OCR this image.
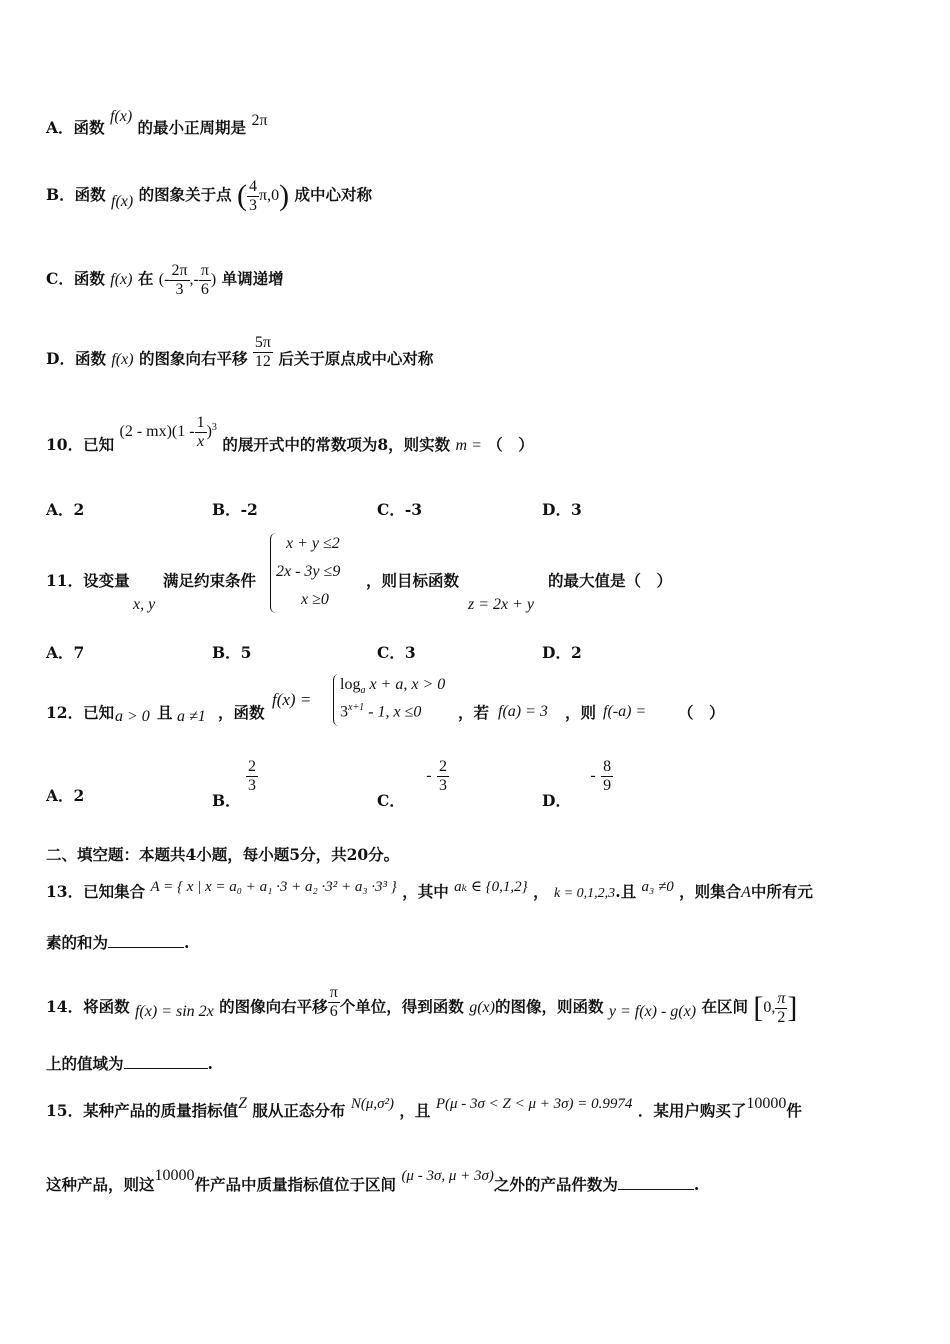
A．函数 f(x) 的最小正周期是 2π
B．函数 f(x) 的图象关于点 ( $\frac{4}{3} \pi,0$) 成中心对称
C．函数 f(x) 在 (- $\frac{2\pi}{3}$ ,- $\frac{\pi}{6}$ ) 单调递增
D．函数 f(x) 的图象向右平移 $\frac{5\pi}{12}$ 后关于原点成中心对称
10．已知 $(2 - mx)(1 - \frac{1}{x} )^3$ 的展开式中的常数项为8，则实数 m = （　）
A．2	B．-2	C．-3	D．3
11．设变量
x, y
满足约束条件
x + y ≤2
2x - 3y ≤9
x ≥0
，则目标函数
z = 2x + y
的最大值是（　）
A．7	B．5	C．3	D．2
12．已知 a > 0 且 a ≠1 ，函数
f(x) =
$\log_a x + a$, x > 0
$3^{x+1} - 1$, x ≤0 ，若 f(a) = 3 ，则 f(-a) = （　）
A．2	B．
$\frac{2}{3}$
C． - $\frac{2}{3}$
D． - $\frac{8}{9}$
二、填空题：本题共4小题，每小题5分，共20分。
13．已知集合 A = { x | x = a₀ + a₁ ·3 + a₂ ·3² + a₃ ·3³ } ，其中 aₖ ∈ {0,1,2} ， k = 0,1,2,3.且 a₃ ≠0 ，则集合A中所有元
素的和为	.
14．将函数 f(x) = sin 2x 的图像向右平移 $\frac{\pi}{6}$ 个单位，得到函数 g(x)的图像，则函数 y = f(x) - g(x) 在区间 [0, $\frac{\pi}{2}$ ]
上的值域为	.
15．某种产品的质量指标值Z 服从正态分布 N(μ,σ²) ，且 P(μ - 3σ < Z < μ + 3σ) = 0.9974 ．某用户购买了10000件
这种产品，则这10000件产品中质量指标值位于区间 (μ - 3σ, μ + 3σ)之外的产品件数为	.
